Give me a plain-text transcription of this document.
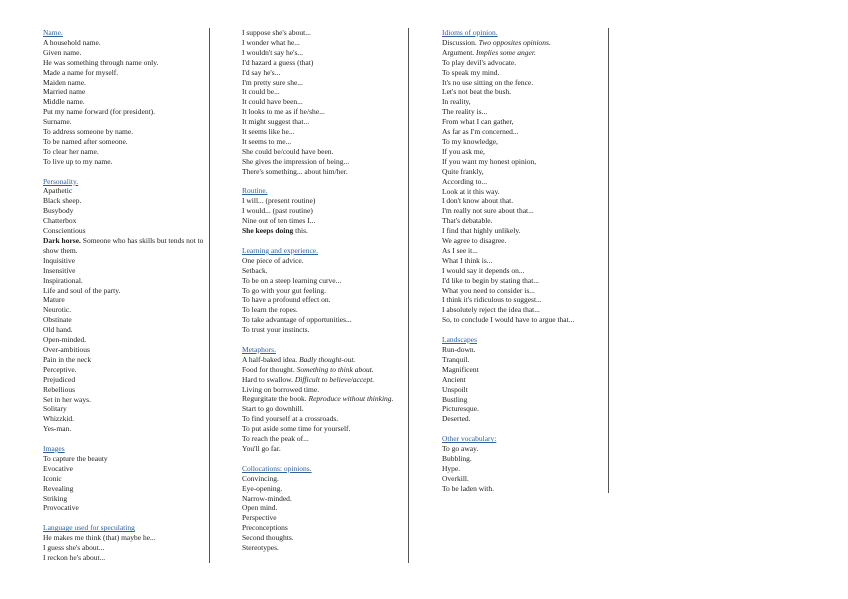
Name.
A household name.
Given name.
He was something through name only.
Made a name for myself.
Maiden name.
Married name
Middle name.
Put my name forward (for president).
Surname.
To address someone by name.
To be named after someone.
To clear her name.
To live up to my name.
Personality.
Apathetic
Black sheep.
Busybody
Chatterbox
Conscientious
Dark horse. Someone who has skills but tends not to show them.
Inquisitive
Insensitive
Inspirational.
Life and soul of the party.
Mature
Neurotic.
Obstinate
Old hand.
Open-minded.
Over-ambitious
Pain in the neck
Perceptive.
Prejudiced
Rebellious
Set in her ways.
Solitary
Whizzkid.
Yes-man.
Images
To capture the beauty
Evocative
Iconic
Revealing
Striking
Provocative
Language used for speculating
He makes me think (that) maybe he...
I guess she's about...
I reckon he's about...
I suppose she's about...
I wonder what he...
I wouldn't say he's...
I'd hazard a guess (that)
I'd say he's...
I'm pretty sure she...
It could be...
It could have been...
It looks to me as if he/she...
It might suggest that...
It seems like he...
It seems to me...
She could be/could have been.
She gives the impression of being...
There's something... about him/her.
Routine.
I will... (present routine)
I would... (past routine)
Nine out of ten times I...
She keeps doing this.
Learning and experience.
One piece of advice.
Setback.
To be on a steep learning curve...
To go with your gut feeling.
To have a profound effect on.
To learn the ropes.
To take advantage of opportunities...
To trust your instincts.
Metaphors.
A half-baked idea. Badly thought-out.
Food for thought. Something to think about.
Hard to swallow. Difficult to believe/accept.
Living on borrowed time.
Regurgitate the book. Reproduce without thinking.
Start to go downhill.
To find yourself at a crossroads.
To put aside some time for yourself.
To reach the peak of...
You'll go far.
Collocations: opinions.
Convincing.
Eye-opening.
Narrow-minded.
Open mind.
Perspective
Preconceptions
Second thoughts.
Stereotypes.
Idioms of opinion.
Discussion. Two opposites opinions.
Argument. Implies some anger.
To play devil's advocate.
To speak my mind.
It's no use sitting on the fence.
Let's not beat the bush.
In reality,
The reality is...
From what I can gather,
As far as I'm concerned...
To my knowledge,
If you ask me,
If you want my honest opinion,
Quite frankly,
According to...
Look at it this way.
I don't know about that.
I'm really not sure about that...
That's debatable.
I find that highly unlikely.
We agree to disagree.
As I see it...
What I think is...
I would say it depends on...
I'd like to begin by stating that...
What you need to consider is...
I think it's ridiculous to suggest...
I absolutely reject the idea that...
So, to conclude I would have to argue that...
Landscapes
Run-down.
Tranquil.
Magnificent
Ancient
Unspoilt
Bustling
Picturesque.
Deserted.
Other vocabulary:
To go away.
Bubbling.
Hype.
Overkill.
To be laden with.
